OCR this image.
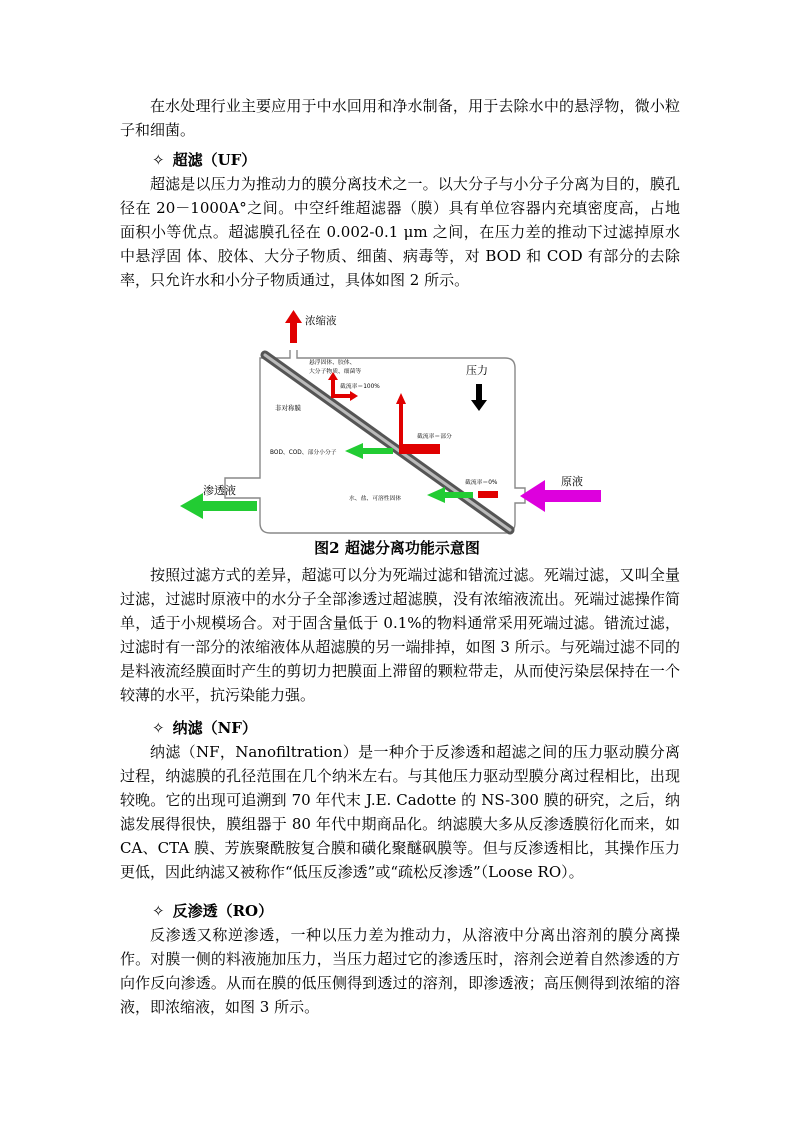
在水处理行业主要应用于中水回用和净水制备，用于去除水中的悬浮物，微小粒子和细菌。

✧ 超滤（UF）

超滤是以压力为推动力的膜分离技术之一。以大分子与小分子分离为目的，膜孔径在 20－1000A°之间。中空纤维超滤器（膜）具有单位容器内充填密度高，占地面积小等优点。超滤膜孔径在 0.002-0.1 μm 之间，在压力差的推动下过滤掉原水中悬浮固 体、胶体、大分子物质、细菌、病毒等，对 BOD 和 COD 有部分的去除率，只允许水和小分子物质通过，具体如图 2 所示。

浓缩液
压力
悬浮固体、胶体、
大分子物质、细菌等
截流率＝100%
非对称膜
截流率＝部分
BOD、COD、部分小分子
截流率＝0%
水、盐、可溶性固体
原液
渗透液
图2 超滤分离功能示意图

按照过滤方式的差异，超滤可以分为死端过滤和错流过滤。死端过滤，又叫全量过滤，过滤时原液中的水分子全部渗透过超滤膜，没有浓缩液流出。死端过滤操作简单，适于小规模场合。对于固含量低于 0.1%的物料通常采用死端过滤。错流过滤，过滤时有一部分的浓缩液体从超滤膜的另一端排掉，如图 3 所示。与死端过滤不同的是料液流经膜面时产生的剪切力把膜面上滞留的颗粒带走，从而使污染层保持在一个较薄的水平，抗污染能力强。

✧ 纳滤（NF）

纳滤（NF，Nanofiltration）是一种介于反渗透和超滤之间的压力驱动膜分离过程，纳滤膜的孔径范围在几个纳米左右。与其他压力驱动型膜分离过程相比，出现较晚。它的出现可追溯到 70 年代末 J.E. Cadotte 的 NS-300 膜的研究，之后，纳滤发展得很快，膜组器于 80 年代中期商品化。纳滤膜大多从反渗透膜衍化而来，如 CA、CTA 膜、芳族聚酰胺复合膜和磺化聚醚砜膜等。但与反渗透相比，其操作压力更低，因此纳滤又被称作“低压反渗透”或“疏松反渗透”（Loose RO）。

✧ 反渗透（RO）

反渗透又称逆渗透，一种以压力差为推动力，从溶液中分离出溶剂的膜分离操作。对膜一侧的料液施加压力，当压力超过它的渗透压时，溶剂会逆着自然渗透的方向作反向渗透。从而在膜的低压侧得到透过的溶剂，即渗透液；高压侧得到浓缩的溶液，即浓缩液，如图 3 所示。
